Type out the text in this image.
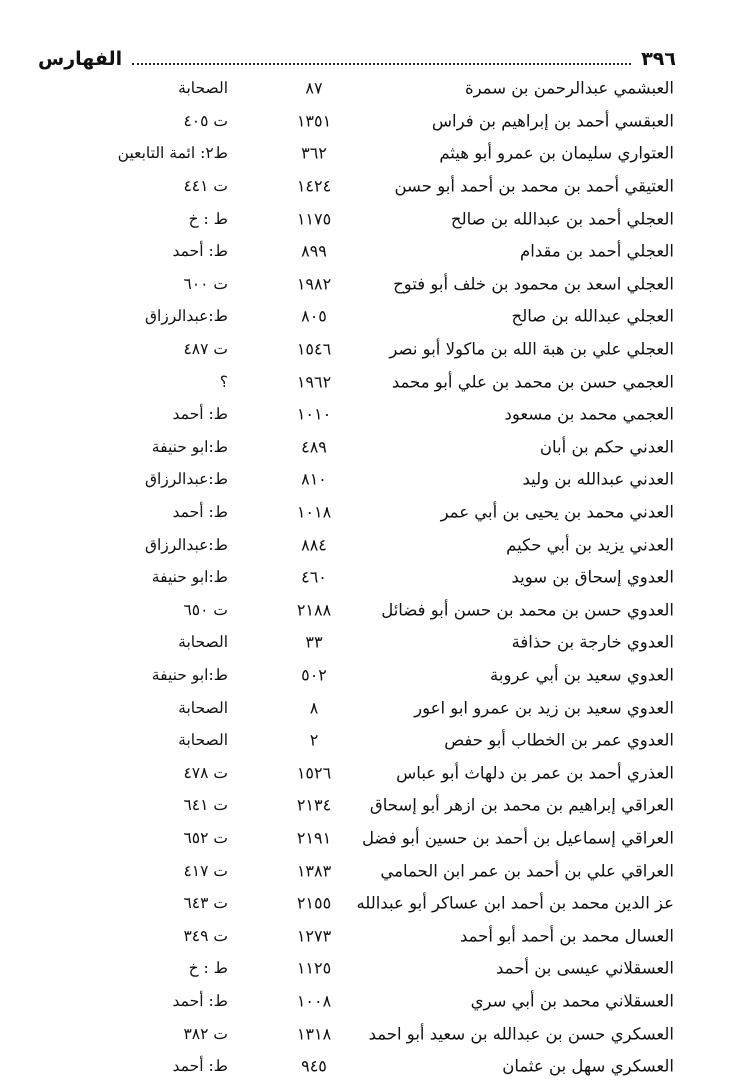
٣٩٦
الفهارس
العبشمي عبدالرحمن بن سمرة
٨٧
الصحابة
العبقسي أحمد بن إبراهيم بن فراس
١٣٥١
ت ٤٠٥
العتواري سليمان بن عمرو أبو هيثم
٣٦٢
ط٢: ائمة التابعين
العتيقي أحمد بن محمد بن أحمد أبو حسن
١٤٢٤
ت ٤٤١
العجلي أحمد بن عبدالله بن صالح
١١٧٥
ط : خ
العجلي أحمد بن مقدام
٨٩٩
ط: أحمد
العجلي اسعد بن محمود بن خلف أبو فتوح
١٩٨٢
ت ٦٠٠
العجلي عبدالله بن صالح
٨٠٥
ط:عبدالرزاق
العجلي علي بن هبة الله بن ماكولا أبو نصر
١٥٤٦
ت ٤٨٧
العجمي حسن بن محمد بن علي أبو محمد
١٩٦٢
؟
العجمي محمد بن مسعود
١٠١٠
ط: أحمد
العدني حكم بن أبان
٤٨٩
ط:ابو حنيفة
العدني عبدالله بن وليد
٨١٠
ط:عبدالرزاق
العدني محمد بن يحيى بن أبي عمر
١٠١٨
ط: أحمد
العدني يزيد بن أبي حكيم
٨٨٤
ط:عبدالرزاق
العدوي إسحاق بن سويد
٤٦٠
ط:ابو حنيفة
العدوي حسن بن محمد بن حسن أبو فضائل
٢١٨٨
ت ٦٥٠
العدوي خارجة بن حذافة
٣٣
الصحابة
العدوي سعيد بن أبي عروبة
٥٠٢
ط:ابو حنيفة
العدوي سعيد بن زيد بن عمرو ابو اعور
٨
الصحابة
العدوي عمر بن الخطاب أبو حفص
٢
الصحابة
العذري أحمد بن عمر بن دلهاث أبو عباس
١٥٢٦
ت ٤٧٨
العراقي إبراهيم بن محمد بن ازهر أبو إسحاق
٢١٣٤
ت ٦٤١
العراقي إسماعيل بن أحمد بن حسين أبو فضل
٢١٩١
ت ٦٥٢
العراقي علي بن أحمد بن عمر ابن الحمامي
١٣٨٣
ت ٤١٧
عز الدين محمد بن أحمد ابن عساكر أبو عبدالله
٢١٥٥
ت ٦٤٣
العسال محمد بن أحمد أبو أحمد
١٢٧٣
ت ٣٤٩
العسقلاني عيسى بن أحمد
١١٢٥
ط : خ
العسقلاني محمد بن أبي سري
١٠٠٨
ط: أحمد
العسكري حسن بن عبدالله بن سعيد أبو احمد
١٣١٨
ت ٣٨٢
العسكري سهل بن عثمان
٩٤٥
ط: أحمد
